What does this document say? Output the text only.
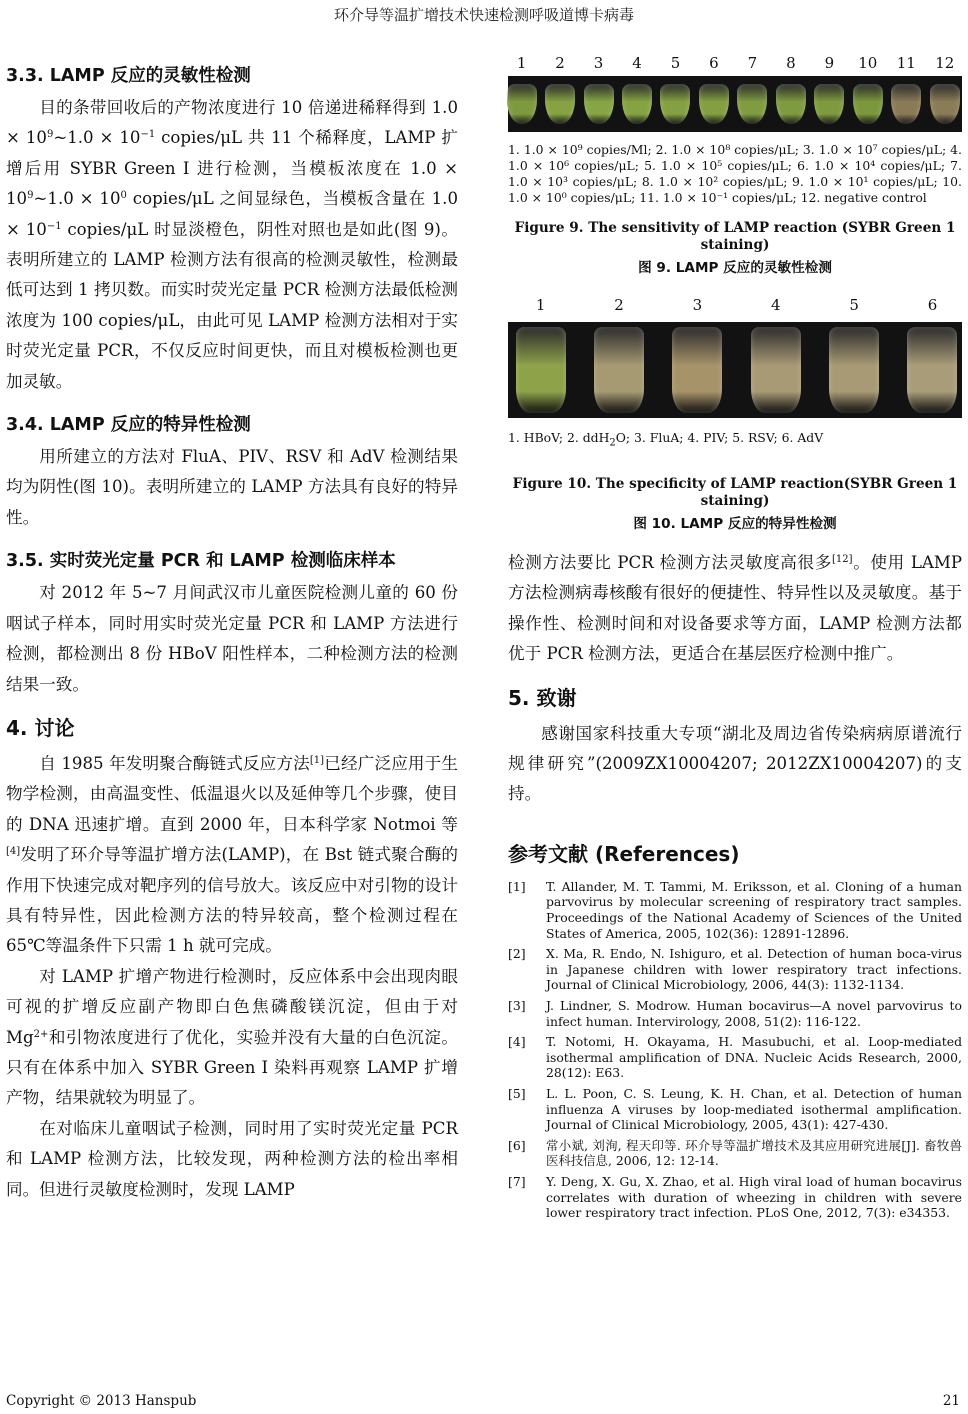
环介导等温扩增技术快速检测呼吸道博卡病毒
3.3. LAMP 反应的灵敏性检测

目的条带回收后的产物浓度进行 10 倍递进稀释得到 $1.0 \times 10^9\sim 1.0 \times 10^{-1}$ copies/μL 共 11 个稀释度，LAMP 扩增后用 SYBR Green I 进行检测，当模板浓度在 $1.0 \times 10^9\sim 1.0 \times 10^0$ copies/μL 之间显绿色，当模板含量在 $1.0 \times 10^{-1}$ copies/μL 时显淡橙色，阴性对照也是如此(图 9)。表明所建立的 LAMP 检测方法有很高的检测灵敏性，检测最低可达到 1 拷贝数。而实时荧光定量 PCR 检测方法最低检测浓度为 100 copies/μL，由此可见 LAMP 检测方法相对于实时荧光定量 PCR，不仅反应时间更快，而且对模板检测也更加灵敏。

3.4. LAMP 反应的特异性检测

用所建立的方法对 FluA、PIV、RSV 和 AdV 检测结果均为阴性(图 10)。表明所建立的 LAMP 方法具有良好的特异性。

3.5. 实时荧光定量 PCR 和 LAMP 检测临床样本

对 2012 年 5~7 月间武汉市儿童医院检测儿童的 60 份咽试子样本，同时用实时荧光定量 PCR 和 LAMP 方法进行检测，都检测出 8 份 HBoV 阳性样本，二种检测方法的检测结果一致。

4. 讨论

自 1985 年发明聚合酶链式反应方法[1]已经广泛应用于生物学检测，由高温变性、低温退火以及延伸等几个步骤，使目的 DNA 迅速扩增。直到 2000 年，日本科学家 Notmoi 等[4]发明了环介导等温扩增方法(LAMP)，在 Bst 链式聚合酶的作用下快速完成对靶序列的信号放大。该反应中对引物的设计具有特异性，因此检测方法的特异较高，整个检测过程在 65℃等温条件下只需 1 h 就可完成。

对 LAMP 扩增产物进行检测时，反应体系中会出现肉眼可视的扩增反应副产物即白色焦磷酸镁沉淀，但由于对 $Mg^{2+}$和引物浓度进行了优化，实验并没有大量的白色沉淀。只有在体系中加入 SYBR Green I 染料再观察 LAMP 扩增产物，结果就较为明显了。

在对临床儿童咽试子检测，同时用了实时荧光定量 PCR 和 LAMP 检测方法，比较发现，两种检测方法的检出率相同。但进行灵敏度检测时，发现 LAMP

1 2 3 4 5 6 7 8 9 10 11 12

1. 1.0 × 10⁹ copies/Ml; 2. 1.0 × 10⁸ copies/μL; 3. 1.0 × 10⁷ copies/μL; 4. 1.0 × 10⁶ copies/μL; 5. 1.0 × 10⁵ copies/μL; 6. 1.0 × 10⁴ copies/μL; 7. 1.0 × 10³ copies/μL; 8. 1.0 × 10² copies/μL; 9. 1.0 × 10¹ copies/μL; 10. 1.0 × 10⁰ copies/μL; 11. 1.0 × 10⁻¹ copies/μL; 12. negative control

Figure 9. The sensitivity of LAMP reaction (SYBR Green 1 staining)

图 9. LAMP 反应的灵敏性检测

1	2	3	4	5	6

1. HBoV; 2. ddH$_2$O; 3. FluA; 4. PIV; 5. RSV; 6. AdV

Figure 10. The specificity of LAMP reaction(SYBR Green 1 staining)

图 10. LAMP 反应的特异性检测

检测方法要比 PCR 检测方法灵敏度高很多[12]。使用 LAMP 方法检测病毒核酸有很好的便捷性、特异性以及灵敏度。基于操作性、检测时间和对设备要求等方面，LAMP 检测方法都优于 PCR 检测方法，更适合在基层医疗检测中推广。

5. 致谢

感谢国家科技重大专项“湖北及周边省传染病病原谱流行规律研究”(2009ZX10004207; 2012ZX10004207)的支持。

参考文献 (References)
[1]	T. Allander, M. T. Tammi, M. Eriksson, et al. Cloning of a human parvovirus by molecular screening of respiratory tract samples. Proceedings of the National Academy of Sciences of the United States of America, 2005, 102(36): 12891-12896.
[2]	X. Ma, R. Endo, N. Ishiguro, et al. Detection of human boca-virus in Japanese children with lower respiratory tract infections. Journal of Clinical Microbiology, 2006, 44(3): 1132-1134.
[3]	J. Lindner, S. Modrow. Human bocavirus—A novel parvovirus to infect human. Intervirology, 2008, 51(2): 116-122.
[4]	T. Notomi, H. Okayama, H. Masubuchi, et al. Loop-mediated isothermal amplification of DNA. Nucleic Acids Research, 2000, 28(12): E63.
[5]	L. L. Poon, C. S. Leung, K. H. Chan, et al. Detection of human influenza A viruses by loop-mediated isothermal amplification. Journal of Clinical Microbiology, 2005, 43(1): 427-430.
[6]	常小斌, 刘洵, 程天印等. 环介导等温扩增技术及其应用研究进展[J]. 畜牧兽医科技信息, 2006, 12: 12-14.
[7]	Y. Deng, X. Gu, X. Zhao, et al. High viral load of human bocavirus correlates with duration of wheezing in children with severe lower respiratory tract infection. PLoS One, 2012, 7(3): e34353.
Copyright © 2013 Hanspub	21
